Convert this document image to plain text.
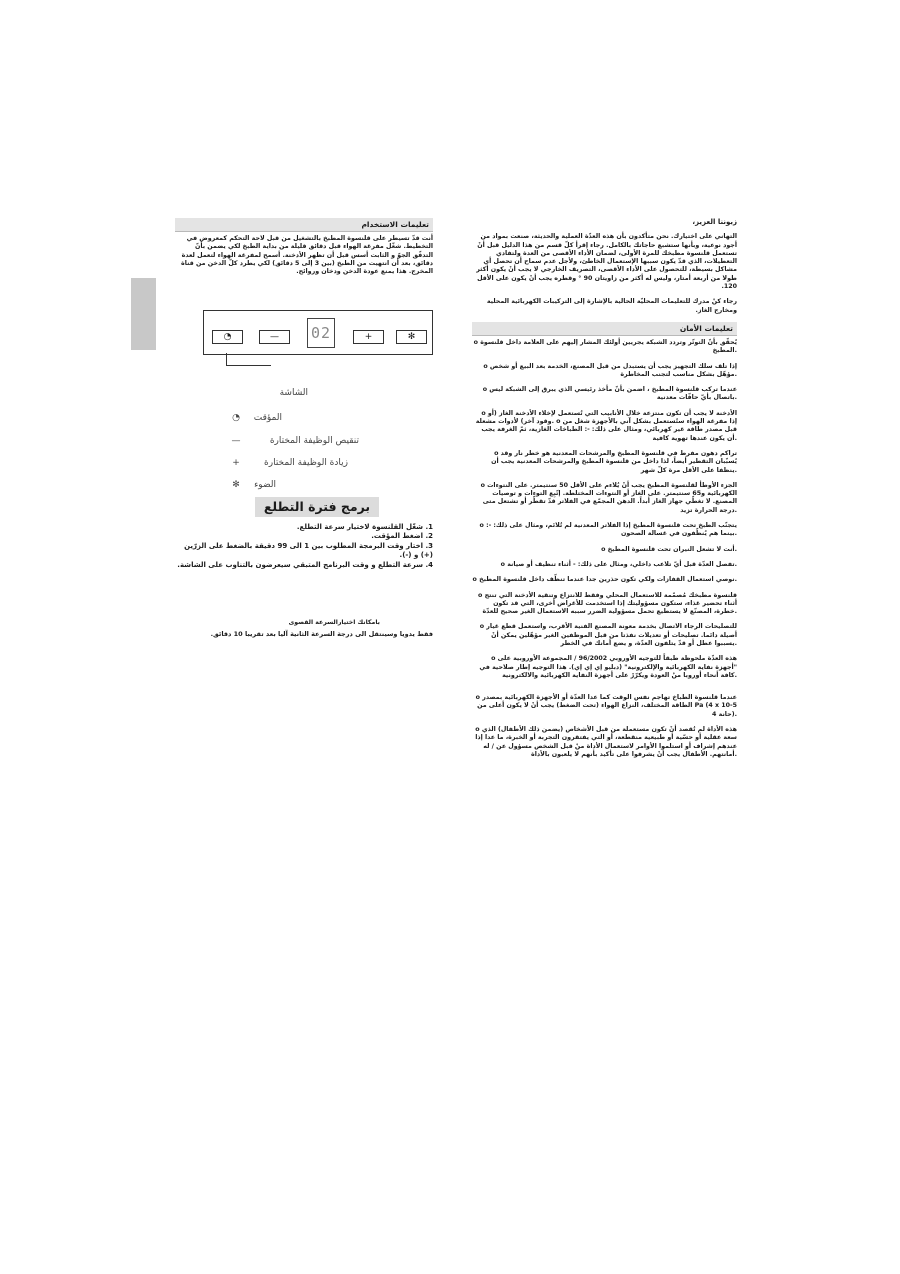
تعليمات الاستخدام

أنت قدّ تسيطر على قلنسوة المطبخ بالتشغيل من قبل لاحة التحكم كمعروض في التخطيط. شغّل مفرغة الهواء قبل دقائق قليلة من بداية الطبخ لكي يضمن بأنّ التدفّق الجوّ و الثابت أسس قبل أن تظهر الأدخنة. أسمح لمفرغة الهواء لتعمل لعدة دقائق، بعد أن انتهيت من الطبخ (بين 3 إلى 5 دقائق) لكي يطرد كلّ الدخن من قناة المخرج. هذا يمنع عودة الدخن ودخان وروائح.

◔	—	02	+	✻
الشاشة
◔	المؤقت
—	تنقيص الوظيفة المختارة
+	زيادة الوظيفة المختارة
✻	الضوء
برمج فترة التطلع
1. شغّل القلنسوة لاختيار سرعة التطلع.
2. اضغط المؤقت.
3. اختار وقت البرمجة المطلوب بين 1 الى 99 دقيقة بالضغط على الزرّين
(+) و (-).
4. سرعة التطلع و وقت البرنامج المتبقي سيعرضون بالتناوب على الشاشة.
بامكانك اختيارالسرعة القصوى
فقط يدويا وسينتقل الى درجة السرعة الثانية آليا بعد تقريبا 10 دقائق.
زبوننا العزيز،

التهاني على اختيارك. نحن متأكدون بأن هذه العدّة العملية والحديثة، صنعت بمواد من أجود نوعية، وبأنها ستشبع حاجاتك بالكامل. رجاء إقرأ كلّ قسم من هذا الدليل قبل أنْ تستعمل قلنسوة مطبخك للمرة الأولى، لضمان الأداء الأقصى من العدة ولتفادي التعطيلات، الذي قدّ يكون سببها الإستعمال الخاطئ، ولأجل عدم سماح أن تحصل أي مشاكل بسيطة، للتحصول على الأداء الأقصى، التصريف الخارجي لا يجب أنْ يكون أكثر طولا من أربعة أمتار، وليس له أكثر من زاويتان 90 ° وقطره يجب أنْ يكون على الأقل 120.

رجاء كنْ مدرك للتعليمات المحليّة الحالية بالإشارة إلى التركيبات الكهربائية المحلية ومخارج الغاز.

تعليمات الأمان

o يُحقّق بأنّ التوتّر وتردد الشبكة يجريين أولئك المشار إليهم على العلامة داخل قلنسوة المطبخ.

o إذا تلف سلك التجهيز يجب أن يستبدل من قبل المصنع، الخدمة بعد البيع أو شخص مؤهّل بشكل مناسب لتجنب المخاطرة.

o عندما تركب قلنسوة المطبخ ، اضمن بأنّ مأخذ رئيسي الذي يبرق إلى الشبكة ليس باتصال بأيّ حافّات معدنية.

o الأدخنة لا يجب أن تكون منتزعة خلال الأنابيب التي تُستعمل لإخلاء الأدخنة الغاز (أو وقود آخر) لأدوات مشعلة. o إذا مفرغة الهواء ستُستعمل بشكل آني بالأجهزة شغل من قبل مصدر طاقة غير كهربائي، ومثال على ذلك: -: الطباخات الغازية، ثمّ الغرفة يجب أن يكون عندها تهوية كافية.

o تراكم دهون مفرط في قلنسوة المطبخ والمرشحات المعدنية هو خطر نار وقد يُسبّبان التقطير أيضاً، لذا داخل من قلنسوة المطبخ والمرشحات المعدنية يجب أن ينظفا على الأقل مرة كلّ شهر.

o الجزء الأوطأ لقلنسوة المطبخ يجب أنْ يُلاءم على الأقل 50 سنتيمتر. على النتوءات الكهربائية و65 سنتيمتر. على الغاز أو النتوءات المختلطة. إتّبِع التوءات و توصيات المصنع. لا تغطّي جهاز الغاز أبداً. الدهن المجمّع في الفلاتر قدّ تقطّر أو تشتعل متى درجة الحرارة تزيد.

o يتجنّب الطبخ تحت قلنسوة المطبخ إذا الفلاتر المعدنية لم تُلائم، ومثال على ذلك: -: بينما هم يُنظّفون في غسالة الصحون.

o أنت لا تشعل النيران تحت قلنسوة المطبخ.

o تفصل العدّة قبل أيّ تلاعب داخلي، ومثال على ذلك: - أثناء تنظيف أو صيانة.

o نوصي استعمال القفازات ولكي تكون حذرين جدا عندما تنظّف داخل قلنسوة المطبخ.

o قلنسوة مطبخك مُصمّمة للاستعمال المحلي وفقط للانتزاع وتنقية الأدخنة التي تنتج أثناء تحضير غذاء، ستكون مسؤوليتك إذا استخدمت للأغراض أخرى، التي قد تكون خطرة، المصنّع لا يستطيع تحمل مسؤولية الضرر سببه الاستعمال الغير صحيح للعدّة.

o للتصليحات الرجاء الاتصال بخدمة معونة المصنع الفنية الأقرب، واستعمل قطع غيار أصيلة دائما. تصليحات أو تعديلات نفذتا من قبل الموظفين الغير مؤهّلين يمكن أنْ يسببوا عطل أو قدّ يتلفون العدّة، و يضع أمانك في الخطر.

o هذه العدّة ملحوظة طبقاً للتوجيه الأوروبي 96/2002 / المجموعة الأوروبية على "أجهزة نفاية الكهربائية والإلكترونية" (دبليو إي إي إي). هذا التوجيه إطار صلاحية في كافة أنحاء أوروبا منْ العودة ويكرّرْ على أجهزة النفاية الكهربائية والالكترونية.

o عندما قلنسوة الطباخ تهاجم نفس الوقت كما عدا العدّة أو الأجهزة الكهربائية بمصدر الطاقة المختلف، النزاع الهواء (تحت الضغط) يجب أنْ لا يكون أعلى من Pa (4 x 10-5 4 حانة).

o هذه الأداة لم تُقصد أنْ تكون مستعملة من قبل الأشخاص (يضمن ذلك الأطفال) الذي سعة عقلية أو حسّية أو طبيعية منقطعة، أو التي يفتقرون التجربة أو الخبرة، ما عدا إذا عندهم إشراف أو استلموا الأوامر لاستعمال الأداة منْ قبل الشخص مسؤول عن / له أمانتهم. الأطفال يجب أنْ يشرفوا على تأكيد بأنهم لا يلعبون بالأداة.
